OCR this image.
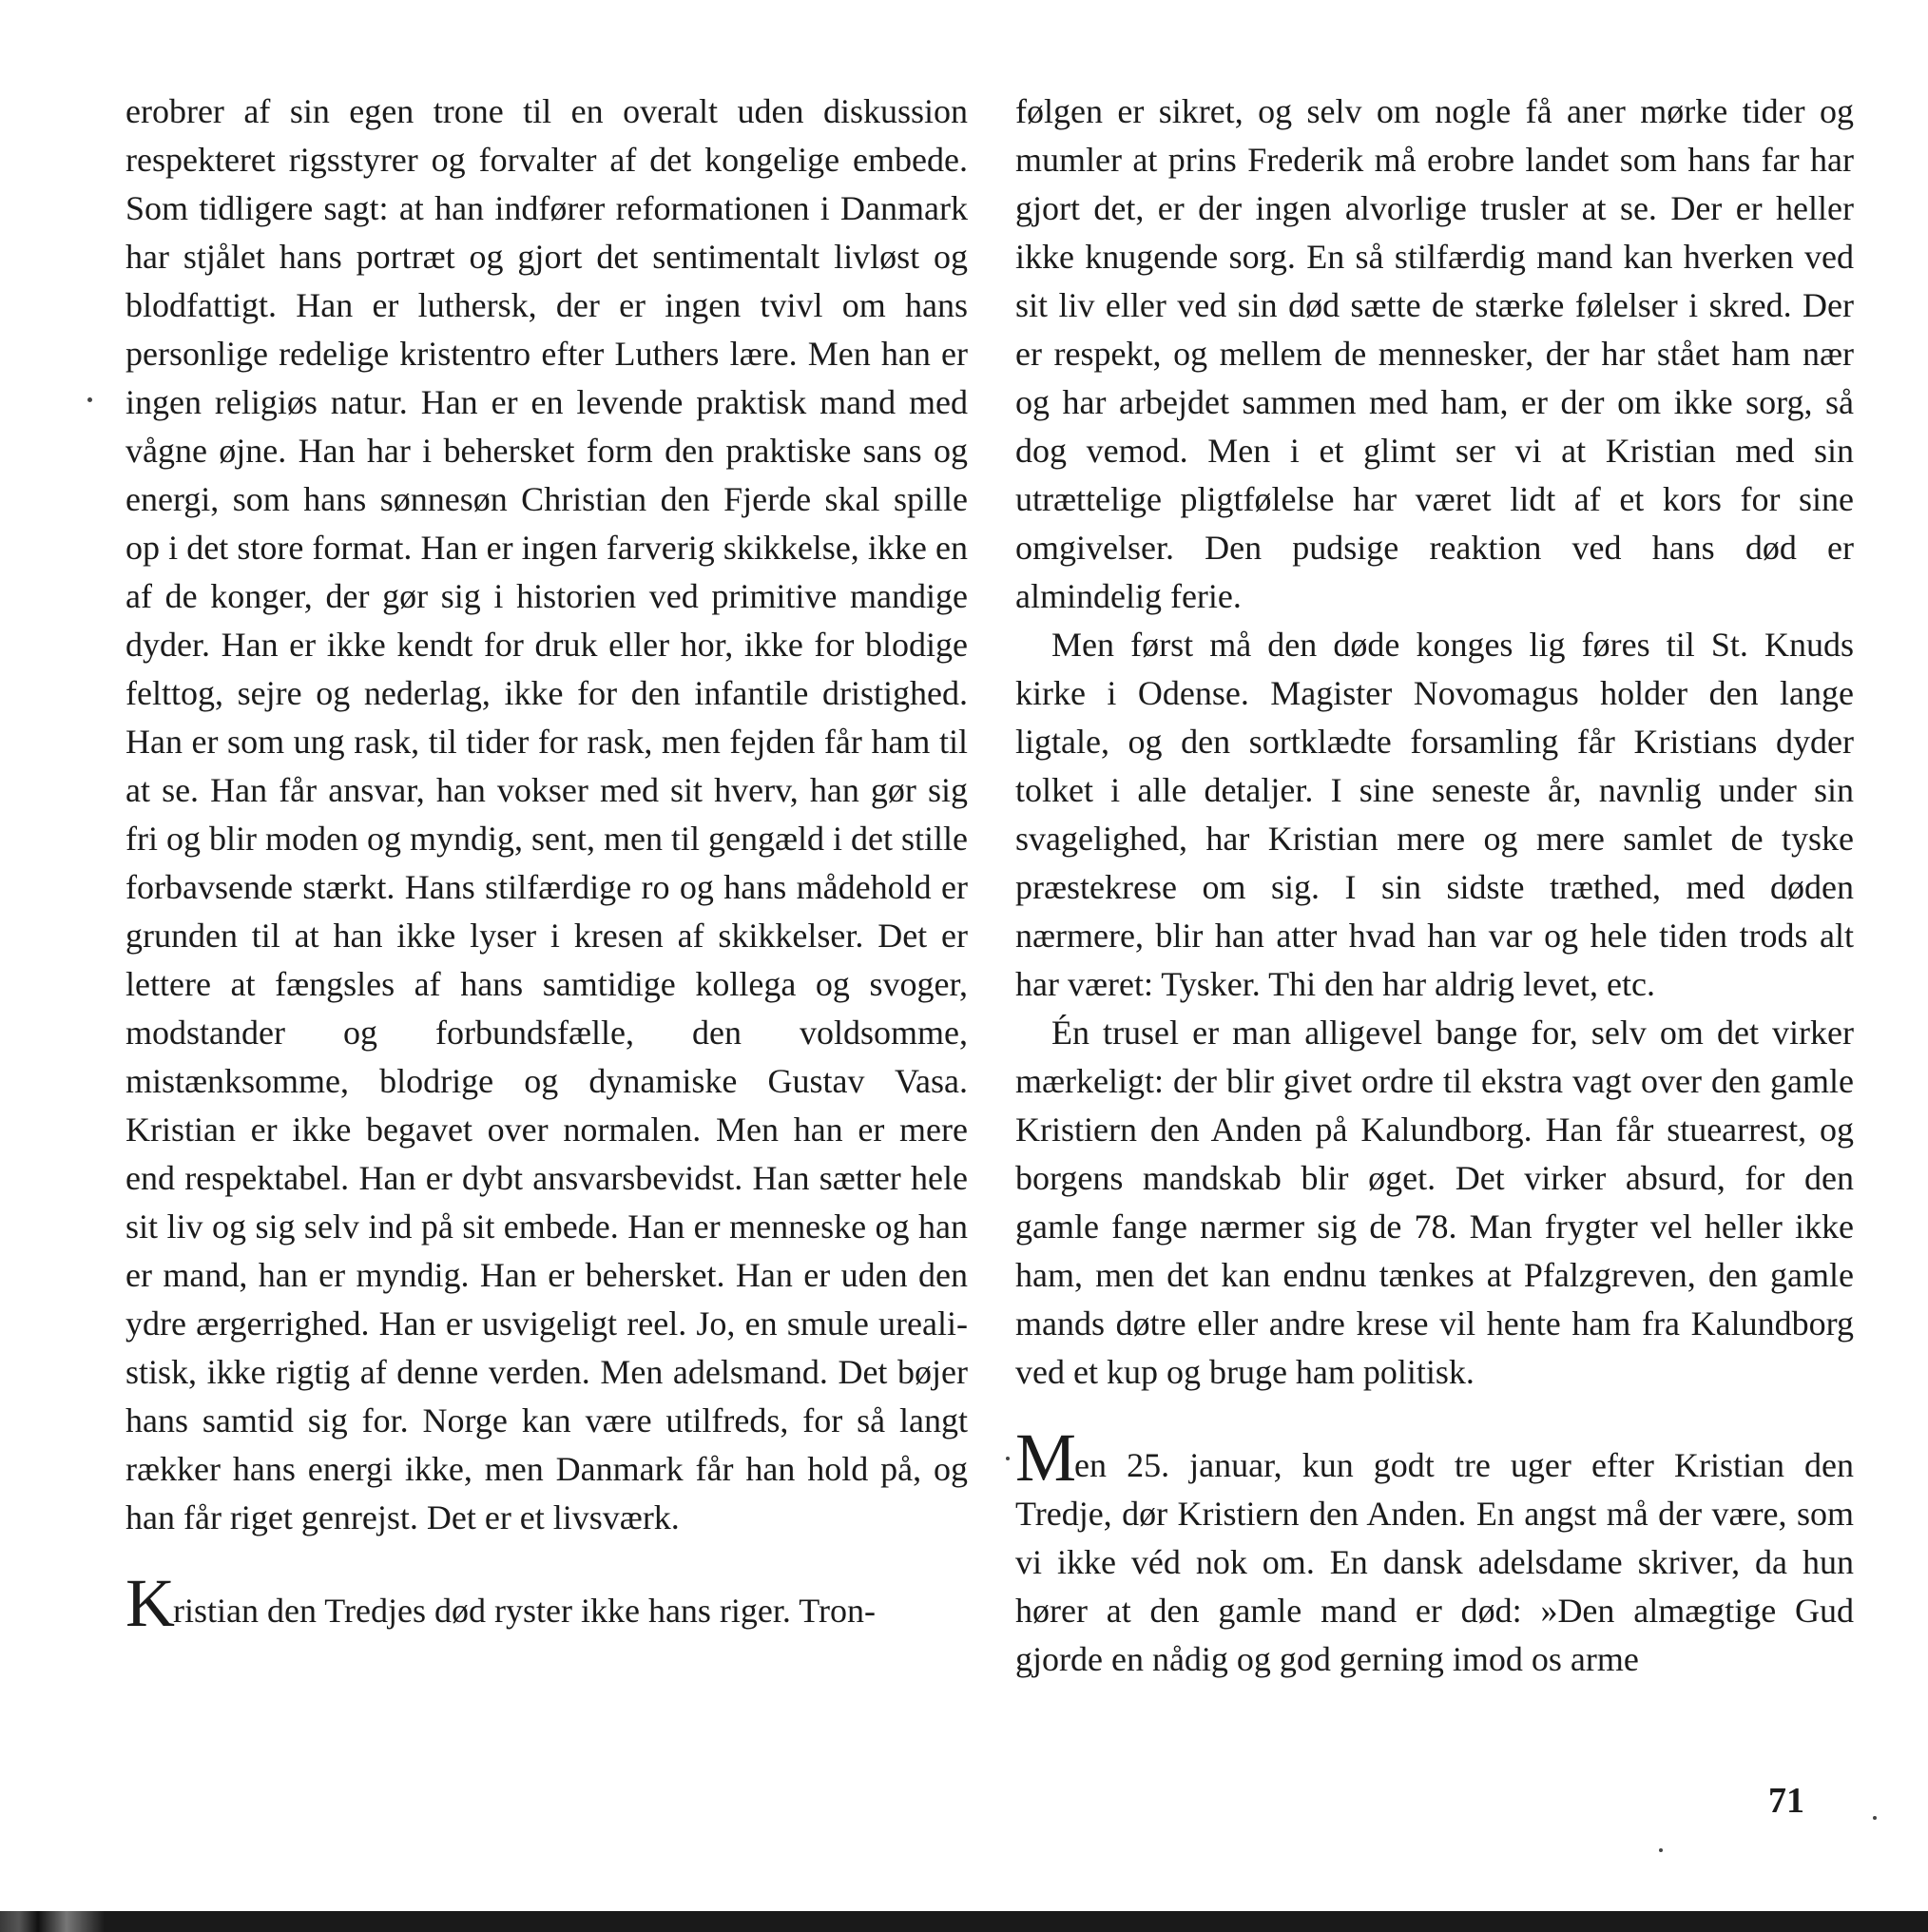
erobrer af sin egen trone til en overalt uden diskussion respekteret rigsstyrer og forvalter af det kongelige embede. Som tidligere sagt: at han indfører reformationen i Danmark har stjålet hans portræt og gjort det sentimentalt livløst og blodfattigt. Han er luthersk, der er ingen tvivl om hans personlige redelige kristentro efter Luthers lære. Men han er ingen religiøs natur. Han er en levende praktisk mand med vågne øjne. Han har i behersket form den praktiske sans og energi, som hans sønnesøn Christian den Fjerde skal spille op i det store format. Han er ingen farverig skikkelse, ikke en af de konger, der gør sig i historien ved primitive mandige dyder. Han er ikke kendt for druk eller hor, ikke for blodige felttog, sejre og nederlag, ikke for den infantile dristighed. Han er som ung rask, til tider for rask, men fejden får ham til at se. Han får ansvar, han vokser med sit hverv, han gør sig fri og blir moden og myndig, sent, men til gengæld i det stille forbavsende stærkt. Hans stilfærdige ro og hans mådehold er grunden til at han ikke lyser i kresen af skikkelser. Det er lettere at fængsles af hans samtidige kollega og svoger, modstander og forbundsfælle, den voldsomme, mistænksomme, blodrige og dynamiske Gustav Vasa. Kristian er ikke begavet over normalen. Men han er mere end respektabel. Han er dybt ansvarsbevidst. Han sætter hele sit liv og sig selv ind på sit embede. Han er menneske og han er mand, han er myndig. Han er behersket. Han er uden den ydre ærgerrighed. Han er usvigeligt reel. Jo, en smule urealistisk, ikke rigtig af denne verden. Men adelsmand. Det bøjer hans samtid sig for. Norge kan være utilfreds, for så langt rækker hans energi ikke, men Danmark får han hold på, og han får riget genrejst. Det er et livsværk.

Kristian den Tredjes død ryster ikke hans riger. Tron-

følgen er sikret, og selv om nogle få aner mørke tider og mumler at prins Frederik må erobre landet som hans far har gjort det, er der ingen alvorlige trusler at se. Der er heller ikke knugende sorg. En så stilfærdig mand kan hverken ved sit liv eller ved sin død sætte de stærke følelser i skred. Der er respekt, og mellem de mennesker, der har stået ham nær og har arbejdet sammen med ham, er der om ikke sorg, så dog vemod. Men i et glimt ser vi at Kristian med sin utrættelige pligtfølelse har været lidt af et kors for sine omgivelser. Den pudsige reaktion ved hans død er almindelig ferie.

Men først må den døde konges lig føres til St. Knuds kirke i Odense. Magister Novomagus holder den lange ligtale, og den sortklædte forsamling får Kristians dyder tolket i alle detaljer. I sine seneste år, navnlig under sin svagelighed, har Kristian mere og mere samlet de tyske præstekrese om sig. I sin sidste træthed, med døden nærmere, blir han atter hvad han var og hele tiden trods alt har været: Tysker. Thi den har aldrig levet, etc.

Én trusel er man alligevel bange for, selv om det virker mærkeligt: der blir givet ordre til ekstra vagt over den gamle Kristiern den Anden på Kalundborg. Han får stuearrest, og borgens mandskab blir øget. Det virker absurd, for den gamle fange nærmer sig de 78. Man frygter vel heller ikke ham, men det kan endnu tænkes at Pfalzgreven, den gamle mands døtre eller andre krese vil hente ham fra Kalundborg ved et kup og bruge ham politisk.

Men 25. januar, kun godt tre uger efter Kristian den Tredje, dør Kristiern den Anden. En angst må der være, som vi ikke véd nok om. En dansk adelsdame skriver, da hun hører at den gamle mand er død: »Den almægtige Gud gjorde en nådig og god gerning imod os arme

71
